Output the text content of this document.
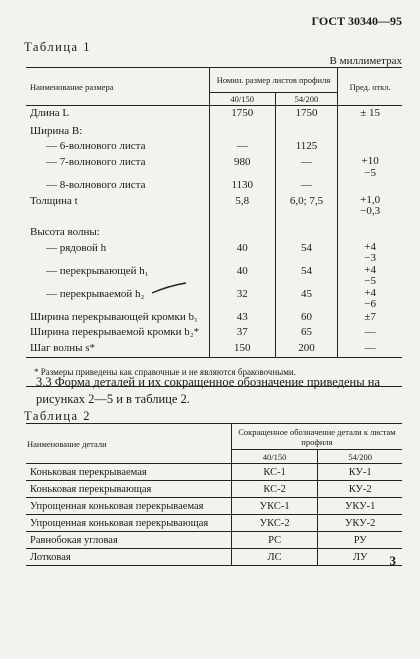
ГОСТ 30340—95
Таблица 1
В миллиметрах
Наименование размера	Номин. размер листов профиля		Пред. откл.
	40/150	54/200	
Длина L	1750	1750	± 15
Ширина B:			
— 6-волнового листа	—	1125	
— 7-волнового листа	980	—	+10
−5

— 8-волнового листа	1130	—	
Толщина t	5,8	6,0; 7,5	+1,0
−0,3

Высота волны:			
— рядовой h	40	54	+4
−3

— перекрывающей h₁	40	54	+4
−5

— перекрываемой h₂	32	45	+4
−6

Ширина перекрывающей кромки b₁	43	60	±7
Ширина перекрываемой кромки b₂*	37	65	—
Шаг волны s*	150	200	—
* Размеры приведены как справочные и не являются браковочными.			
3.3 Форма деталей и их сокращенное обозначение приведены на рисунках 2—5 и в таблице 2.
Таблица 2
Наименование детали	Сокращенное обозначение детали к листам профиля	
	40/150	54/200
Коньковая перекрываемая	КС-1	КУ-1
Коньковая перекрывающая	КС-2	КУ-2
Упрощенная коньковая перекрываемая	УКС-1	УКУ-1
Упрощенная коньковая перекрывающая	УКС-2	УКУ-2
Равнобокая угловая	РС	РУ
Лотковая	ЛС	ЛУ 3
